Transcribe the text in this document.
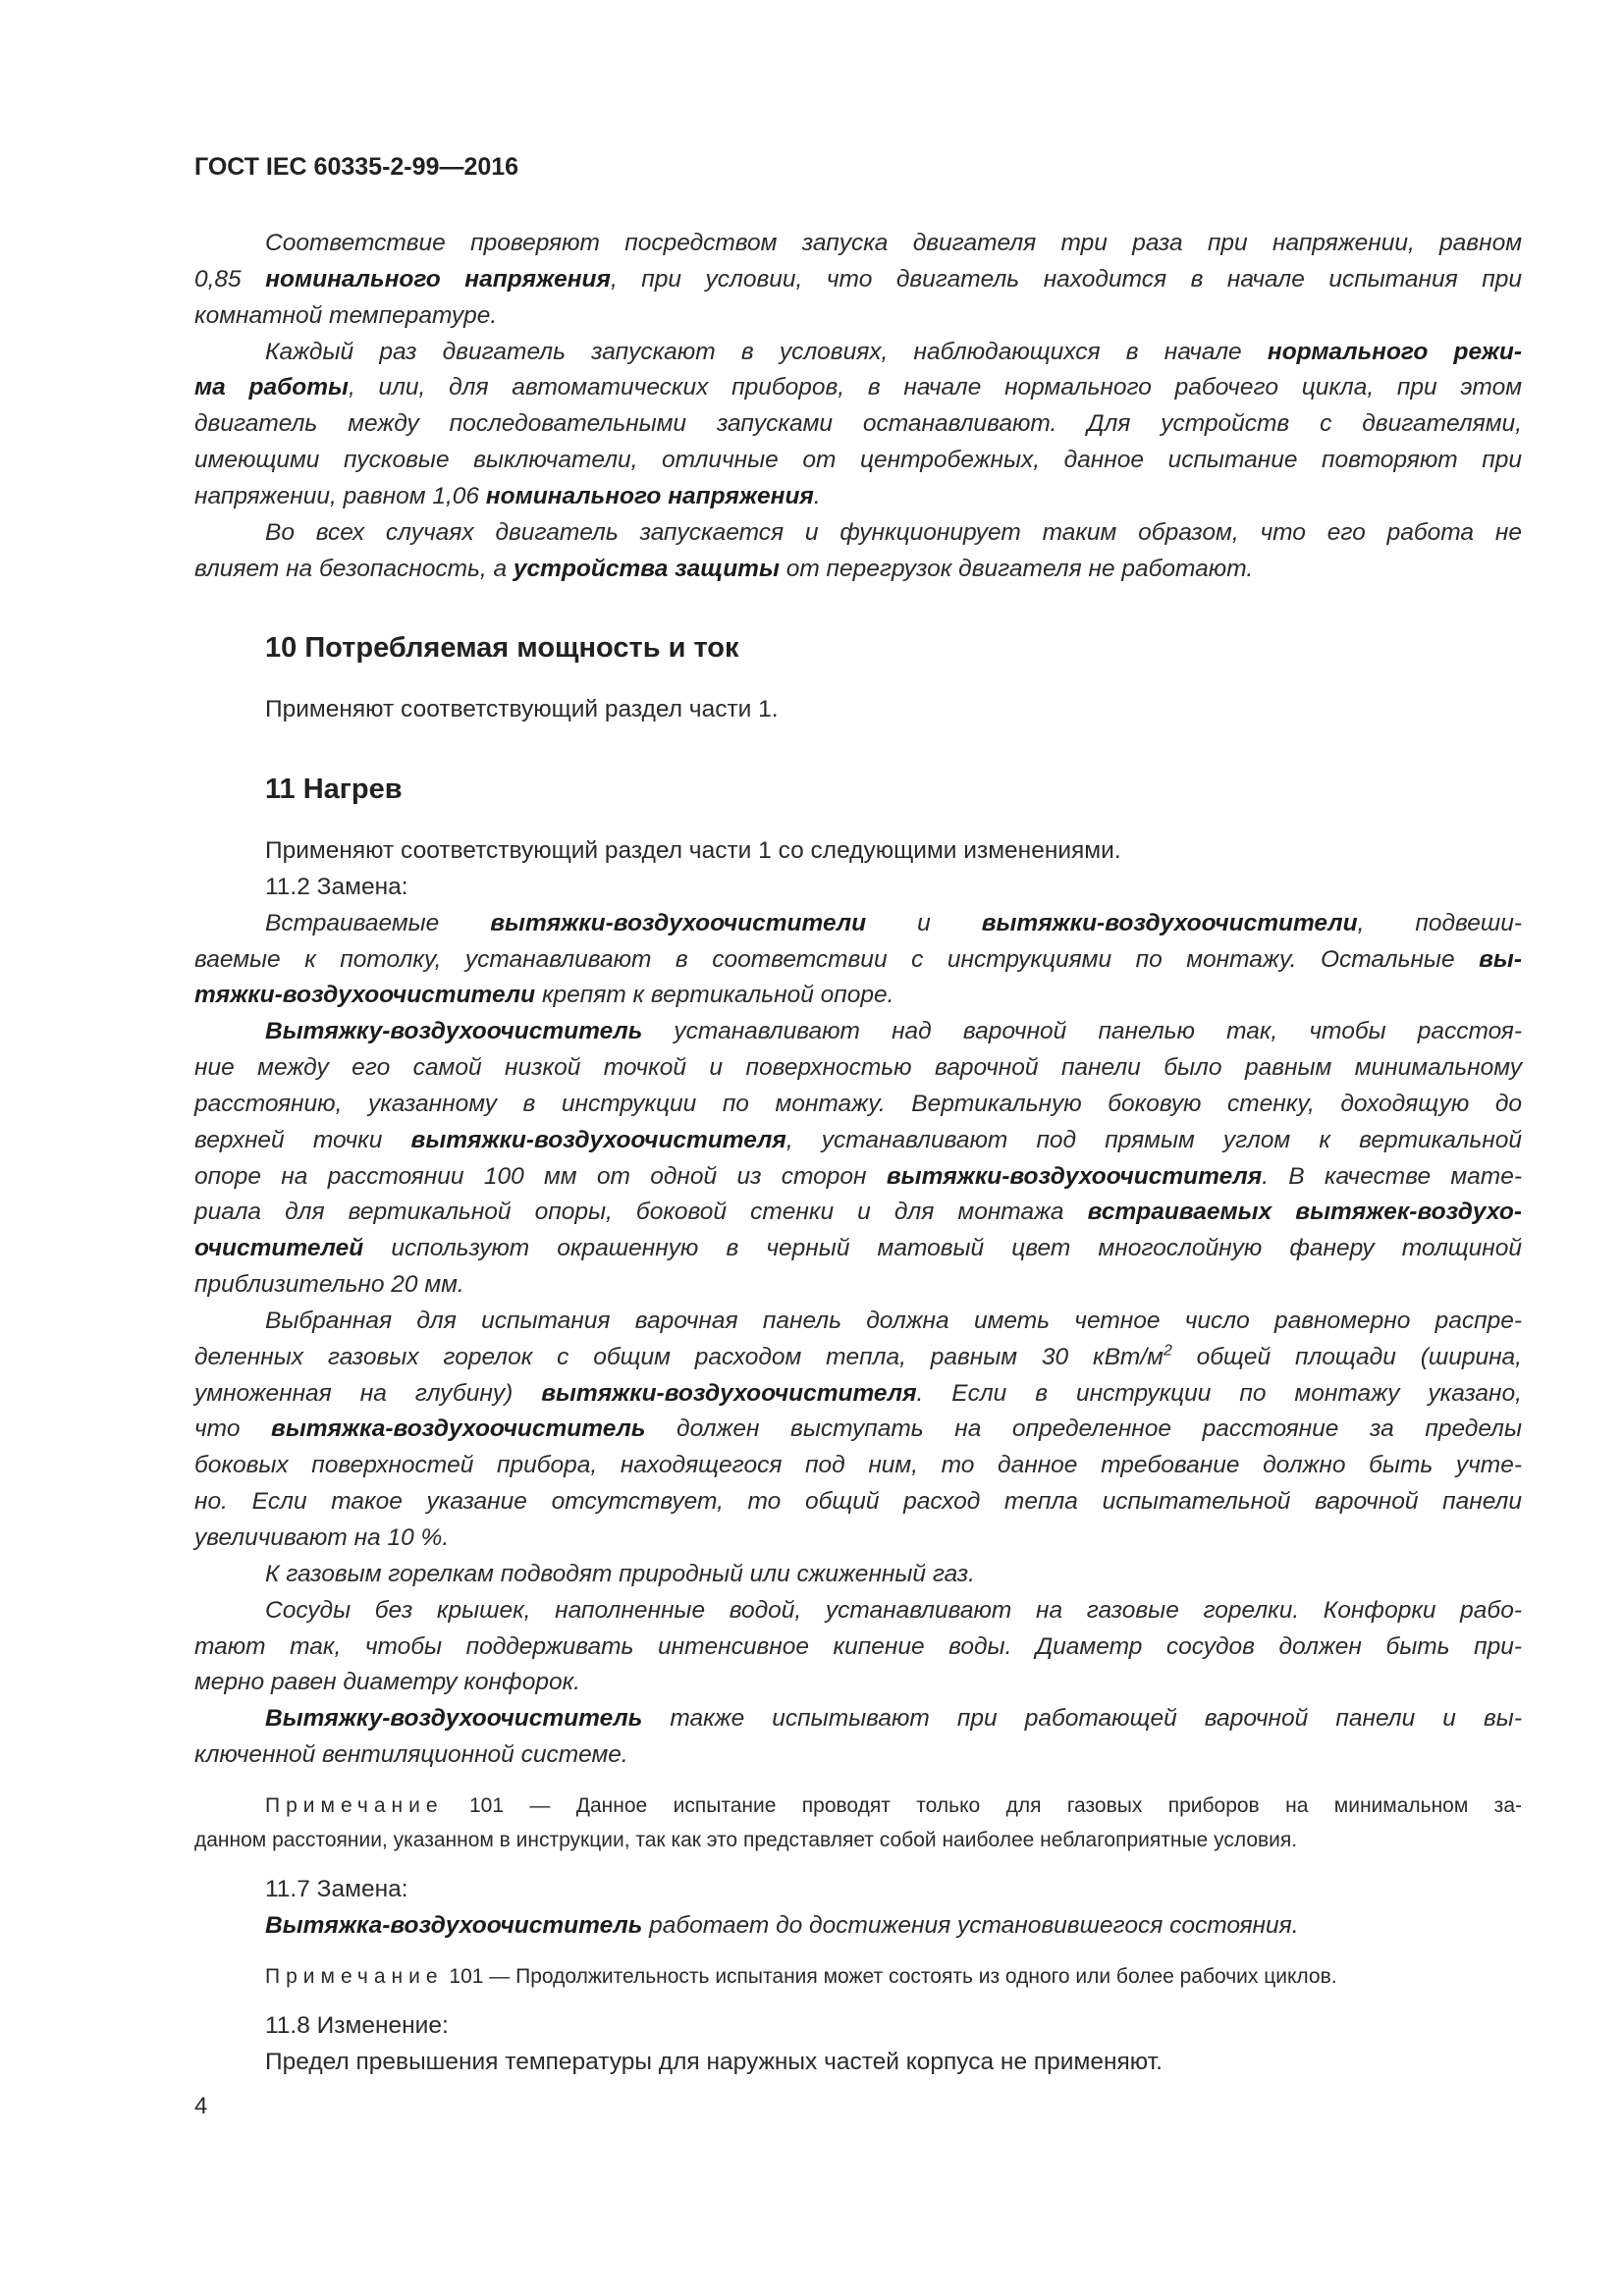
ГОСТ IEC 60335-2-99—2016
Соответствие проверяют посредством запуска двигателя три раза при напряжении, равном
0,85 номинального напряжения, при условии, что двигатель находится в начале испытания при
комнатной температуре.
Каждый раз двигатель запускают в условиях, наблюдающихся в начале нормального режи-
ма работы, или, для автоматических приборов, в начале нормального рабочего цикла, при этом
двигатель между последовательными запусками останавливают. Для устройств с двигателями,
имеющими пусковые выключатели, отличные от центробежных, данное испытание повторяют при
напряжении, равном 1,06 номинального напряжения.
Во всех случаях двигатель запускается и функционирует таким образом, что его работа не
влияет на безопасность, а устройства защиты от перегрузок двигателя не работают.
10 Потребляемая мощность и ток
Применяют соответствующий раздел части 1.
11 Нагрев
Применяют соответствующий раздел части 1 со следующими изменениями.
11.2 Замена:
Встраиваемые вытяжки-воздухоочистители и вытяжки-воздухоочистители, подвеши-
ваемые к потолку, устанавливают в соответствии с инструкциями по монтажу. Остальные вы-
тяжки-воздухоочистители крепят к вертикальной опоре.
Вытяжку-воздухоочиститель устанавливают над варочной панелью так, чтобы расстоя-
ние между его самой низкой точкой и поверхностью варочной панели было равным минимальному
расстоянию, указанному в инструкции по монтажу. Вертикальную боковую стенку, доходящую до
верхней точки вытяжки-воздухоочистителя, устанавливают под прямым углом к вертикальной
опоре на расстоянии 100 мм от одной из сторон вытяжки-воздухоочистителя. В качестве мате-
риала для вертикальной опоры, боковой стенки и для монтажа встраиваемых вытяжек-воздухо-
очистителей используют окрашенную в черный матовый цвет многослойную фанеру толщиной
приблизительно 20 мм.
Выбранная для испытания варочная панель должна иметь четное число равномерно распре-
деленных газовых горелок с общим расходом тепла, равным 30 кВт/$м^2$ общей площади (ширина,
умноженная на глубину) вытяжки-воздухоочистителя. Если в инструкции по монтажу указано,
что вытяжка-воздухоочиститель должен выступать на определенное расстояние за пределы
боковых поверхностей прибора, находящегося под ним, то данное требование должно быть учте-
но. Если такое указание отсутствует, то общий расход тепла испытательной варочной панели
увеличивают на 10 %.
К газовым горелкам подводят природный или сжиженный газ.
Сосуды без крышек, наполненные водой, устанавливают на газовые горелки. Конфорки рабо-
тают так, чтобы поддерживать интенсивное кипение воды. Диаметр сосудов должен быть при-
мерно равен диаметру конфорок.
Вытяжку-воздухоочиститель также испытывают при работающей варочной панели и вы-
ключенной вентиляционной системе.
Примечание 101 — Данное испытание проводят только для газовых приборов на минимальном за-
данном расстоянии, указанном в инструкции, так как это представляет собой наиболее неблагоприятные условия.
11.7 Замена:
Вытяжка-воздухоочиститель работает до достижения установившегося состояния.
Примечание 101 — Продолжительность испытания может состоять из одного или более рабочих циклов.
11.8 Изменение:
Предел превышения температуры для наружных частей корпуса не применяют.
4
